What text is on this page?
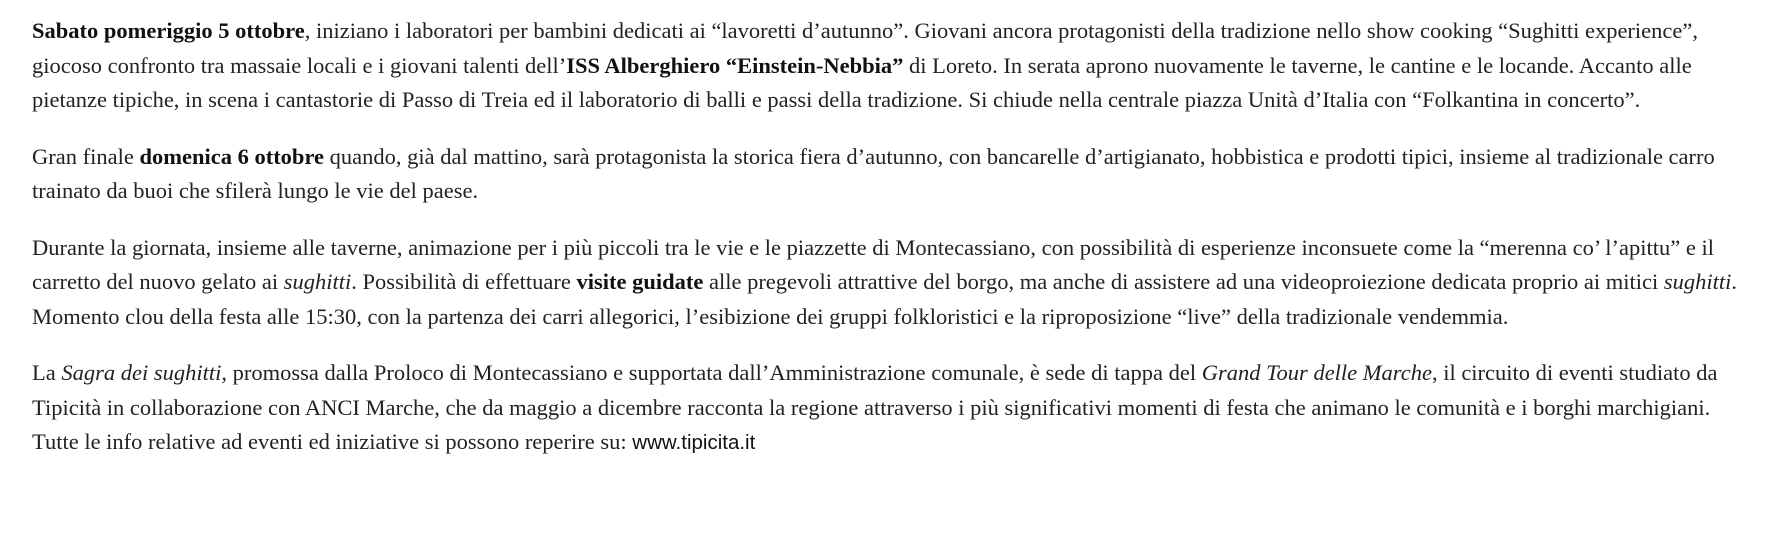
Sabato pomeriggio 5 ottobre, iniziano i laboratori per bambini dedicati ai “lavoretti d’autunno”. Giovani ancora protagonisti della tradizione nello show cooking “Sughitti experience”, giocoso confronto tra massaie locali e i giovani talenti dell’ISS Alberghiero “Einstein-Nebbia” di Loreto. In serata aprono nuovamente le taverne, le cantine e le locande. Accanto alle pietanze tipiche, in scena i cantastorie di Passo di Treia ed il laboratorio di balli e passi della tradizione. Si chiude nella centrale piazza Unità d’Italia con “Folkantina in concerto”.

Gran finale domenica 6 ottobre quando, già dal mattino, sarà protagonista la storica fiera d’autunno, con bancarelle d’artigianato, hobbistica e prodotti tipici, insieme al tradizionale carro trainato da buoi che sfilerà lungo le vie del paese.

Durante la giornata, insieme alle taverne, animazione per i più piccoli tra le vie e le piazzette di Montecassiano, con possibilità di esperienze inconsuete come la “merenna co’ l’apittu” e il carretto del nuovo gelato ai sughitti. Possibilità di effettuare visite guidate alle pregevoli attrattive del borgo, ma anche di assistere ad una videoproiezione dedicata proprio ai mitici sughitti. Momento clou della festa alle 15:30, con la partenza dei carri allegorici, l’esibizione dei gruppi folkloristici e la riproposizione “live” della tradizionale vendemmia.

La Sagra dei sughitti, promossa dalla Proloco di Montecassiano e supportata dall’Amministrazione comunale, è sede di tappa del Grand Tour delle Marche, il circuito di eventi studiato da Tipicità in collaborazione con ANCI Marche, che da maggio a dicembre racconta la regione attraverso i più significativi momenti di festa che animano le comunità e i borghi marchigiani. Tutte le info relative ad eventi ed iniziative si possono reperire su: www.tipicita.it
